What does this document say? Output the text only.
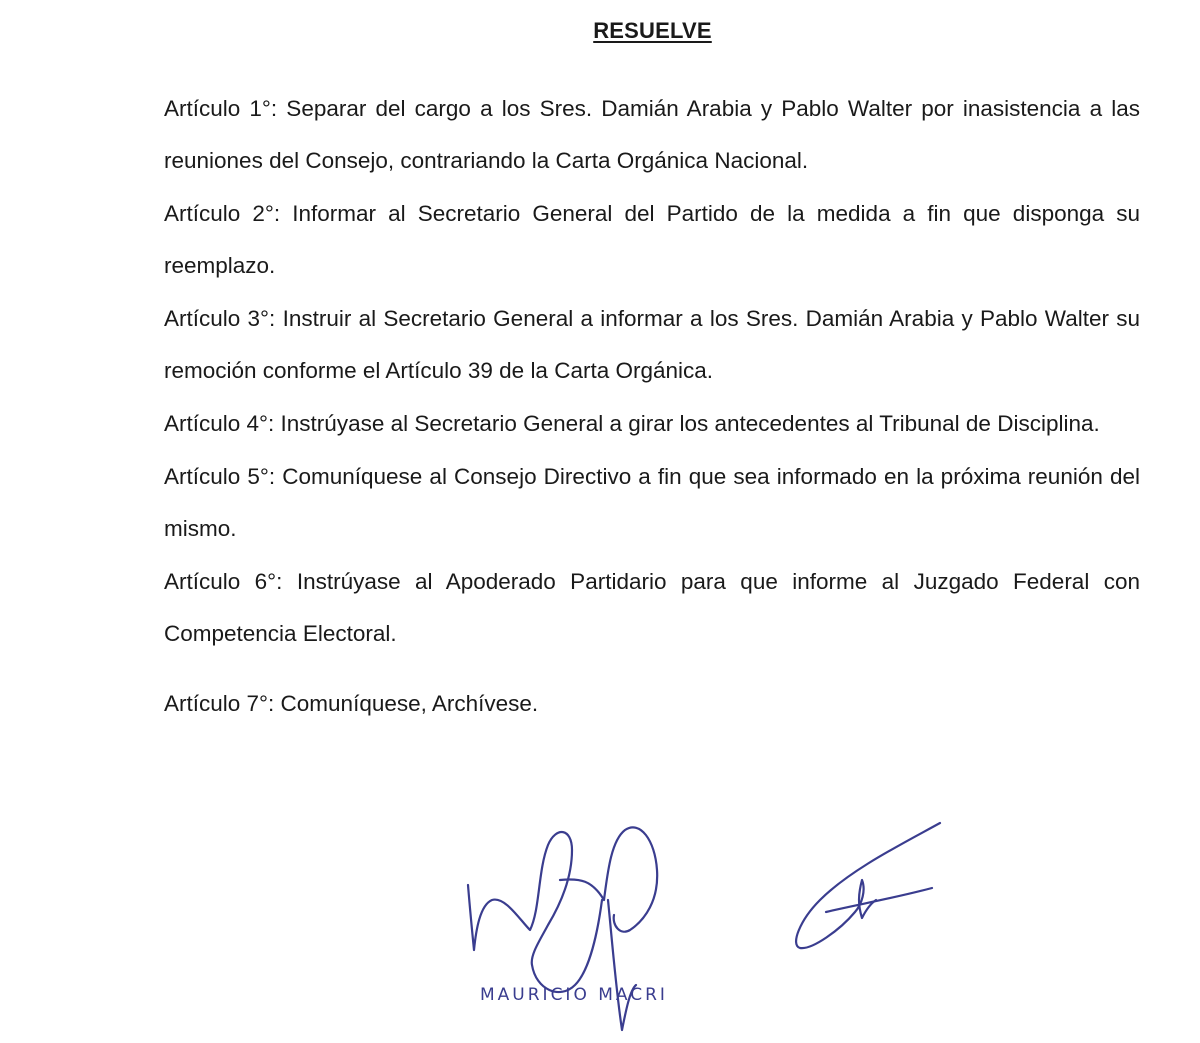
RESUELVE

Artículo 1°: Separar del cargo a los Sres. Damián Arabia y Pablo Walter por inasistencia a las reuniones del Consejo, contrariando la Carta Orgánica Nacional.

Artículo 2°: Informar al Secretario General del Partido de la medida a fin que disponga su reemplazo.

Artículo 3°: Instruir al Secretario General a informar a los Sres. Damián Arabia y Pablo Walter su remoción conforme el Artículo 39 de la Carta Orgánica.

Artículo 4°: Instrúyase al Secretario General a girar los antecedentes al Tribunal de Disciplina.

Artículo 5°: Comuníquese al Consejo Directivo a fin que sea informado en la próxima reunión del mismo.

Artículo 6°: Instrúyase al Apoderado Partidario para que informe al Juzgado Federal con Competencia Electoral.

Artículo 7°: Comuníquese, Archívese.

MAURICIO MACRI
